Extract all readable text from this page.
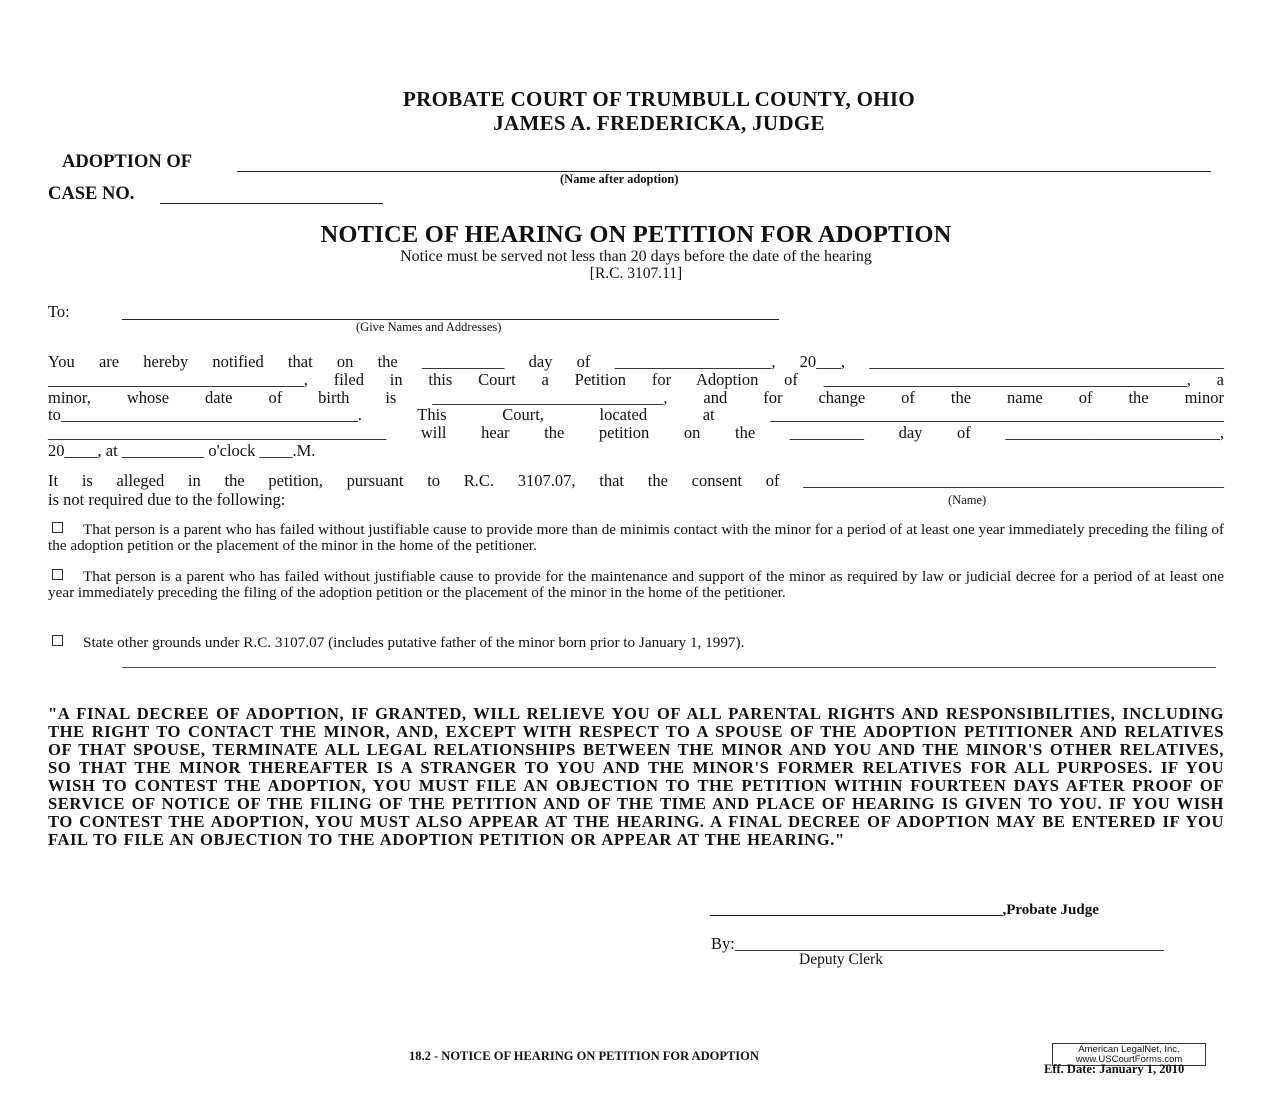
PROBATE COURT OF TRUMBULL COUNTY, OHIO
JAMES A. FREDERICKA, JUDGE
ADOPTION OF
(Name after adoption)
CASE NO.
NOTICE OF HEARING ON PETITION FOR ADOPTION
Notice must be served not less than 20 days before the date of the hearing
[R.C. 3107.11]
To:
(Give Names and Addresses)
You are hereby notified that on the __________ day of ___________________, 20___, ___________________________________________
_______________________________, filed in this Court a Petition for Adoption of ____________________________________________, a
minor, whose date of birth is ____________________________, and for change of the name of the minor
to____________________________________. This Court, located at _______________________________________________________
_________________________________________ will hear the petition on the _________ day of __________________________,
20____, at __________ o'clock ____.M.
It is alleged in the petition, pursuant to R.C. 3107.07, that the consent of ___________________________________________________
is not required due to the following:	(Name)
That person is a parent who has failed without justifiable cause to provide more than de minimis contact with the minor for a period of at least one year immediately preceding the filing of the adoption petition or the placement of the minor in the home of the petitioner.
That person is a parent who has failed without justifiable cause to provide for the maintenance and support of the minor as required by law or judicial decree for a period of at least one year immediately preceding the filing of the adoption petition or the placement of the minor in the home of the petitioner.
State other grounds under R.C. 3107.07 (includes putative father of the minor born prior to January 1, 1997).
"A FINAL DECREE OF ADOPTION, IF GRANTED, WILL RELIEVE YOU OF ALL PARENTAL RIGHTS AND RESPONSIBILITIES, INCLUDING THE RIGHT TO CONTACT THE MINOR, AND, EXCEPT WITH RESPECT TO A SPOUSE OF THE ADOPTION PETITIONER AND RELATIVES OF THAT SPOUSE, TERMINATE ALL LEGAL RELATIONSHIPS BETWEEN THE MINOR AND YOU AND THE MINOR'S OTHER RELATIVES, SO THAT THE MINOR THEREAFTER IS A STRANGER TO YOU AND THE MINOR'S FORMER RELATIVES FOR ALL PURPOSES. IF YOU WISH TO CONTEST THE ADOPTION, YOU MUST FILE AN OBJECTION TO THE PETITION WITHIN FOURTEEN DAYS AFTER PROOF OF SERVICE OF NOTICE OF THE FILING OF THE PETITION AND OF THE TIME AND PLACE OF HEARING IS GIVEN TO YOU. IF YOU WISH TO CONTEST THE ADOPTION, YOU MUST ALSO APPEAR AT THE HEARING. A FINAL DECREE OF ADOPTION MAY BE ENTERED IF YOU FAIL TO FILE AN OBJECTION TO THE ADOPTION PETITION OR APPEAR AT THE HEARING."
_______________________________________,Probate Judge
By:____________________________________________________
Deputy Clerk
18.2 - NOTICE OF HEARING ON PETITION FOR ADOPTION	American LegalNet, Inc.
www.USCourtForms.com
Eff. Date: January 1, 2010
